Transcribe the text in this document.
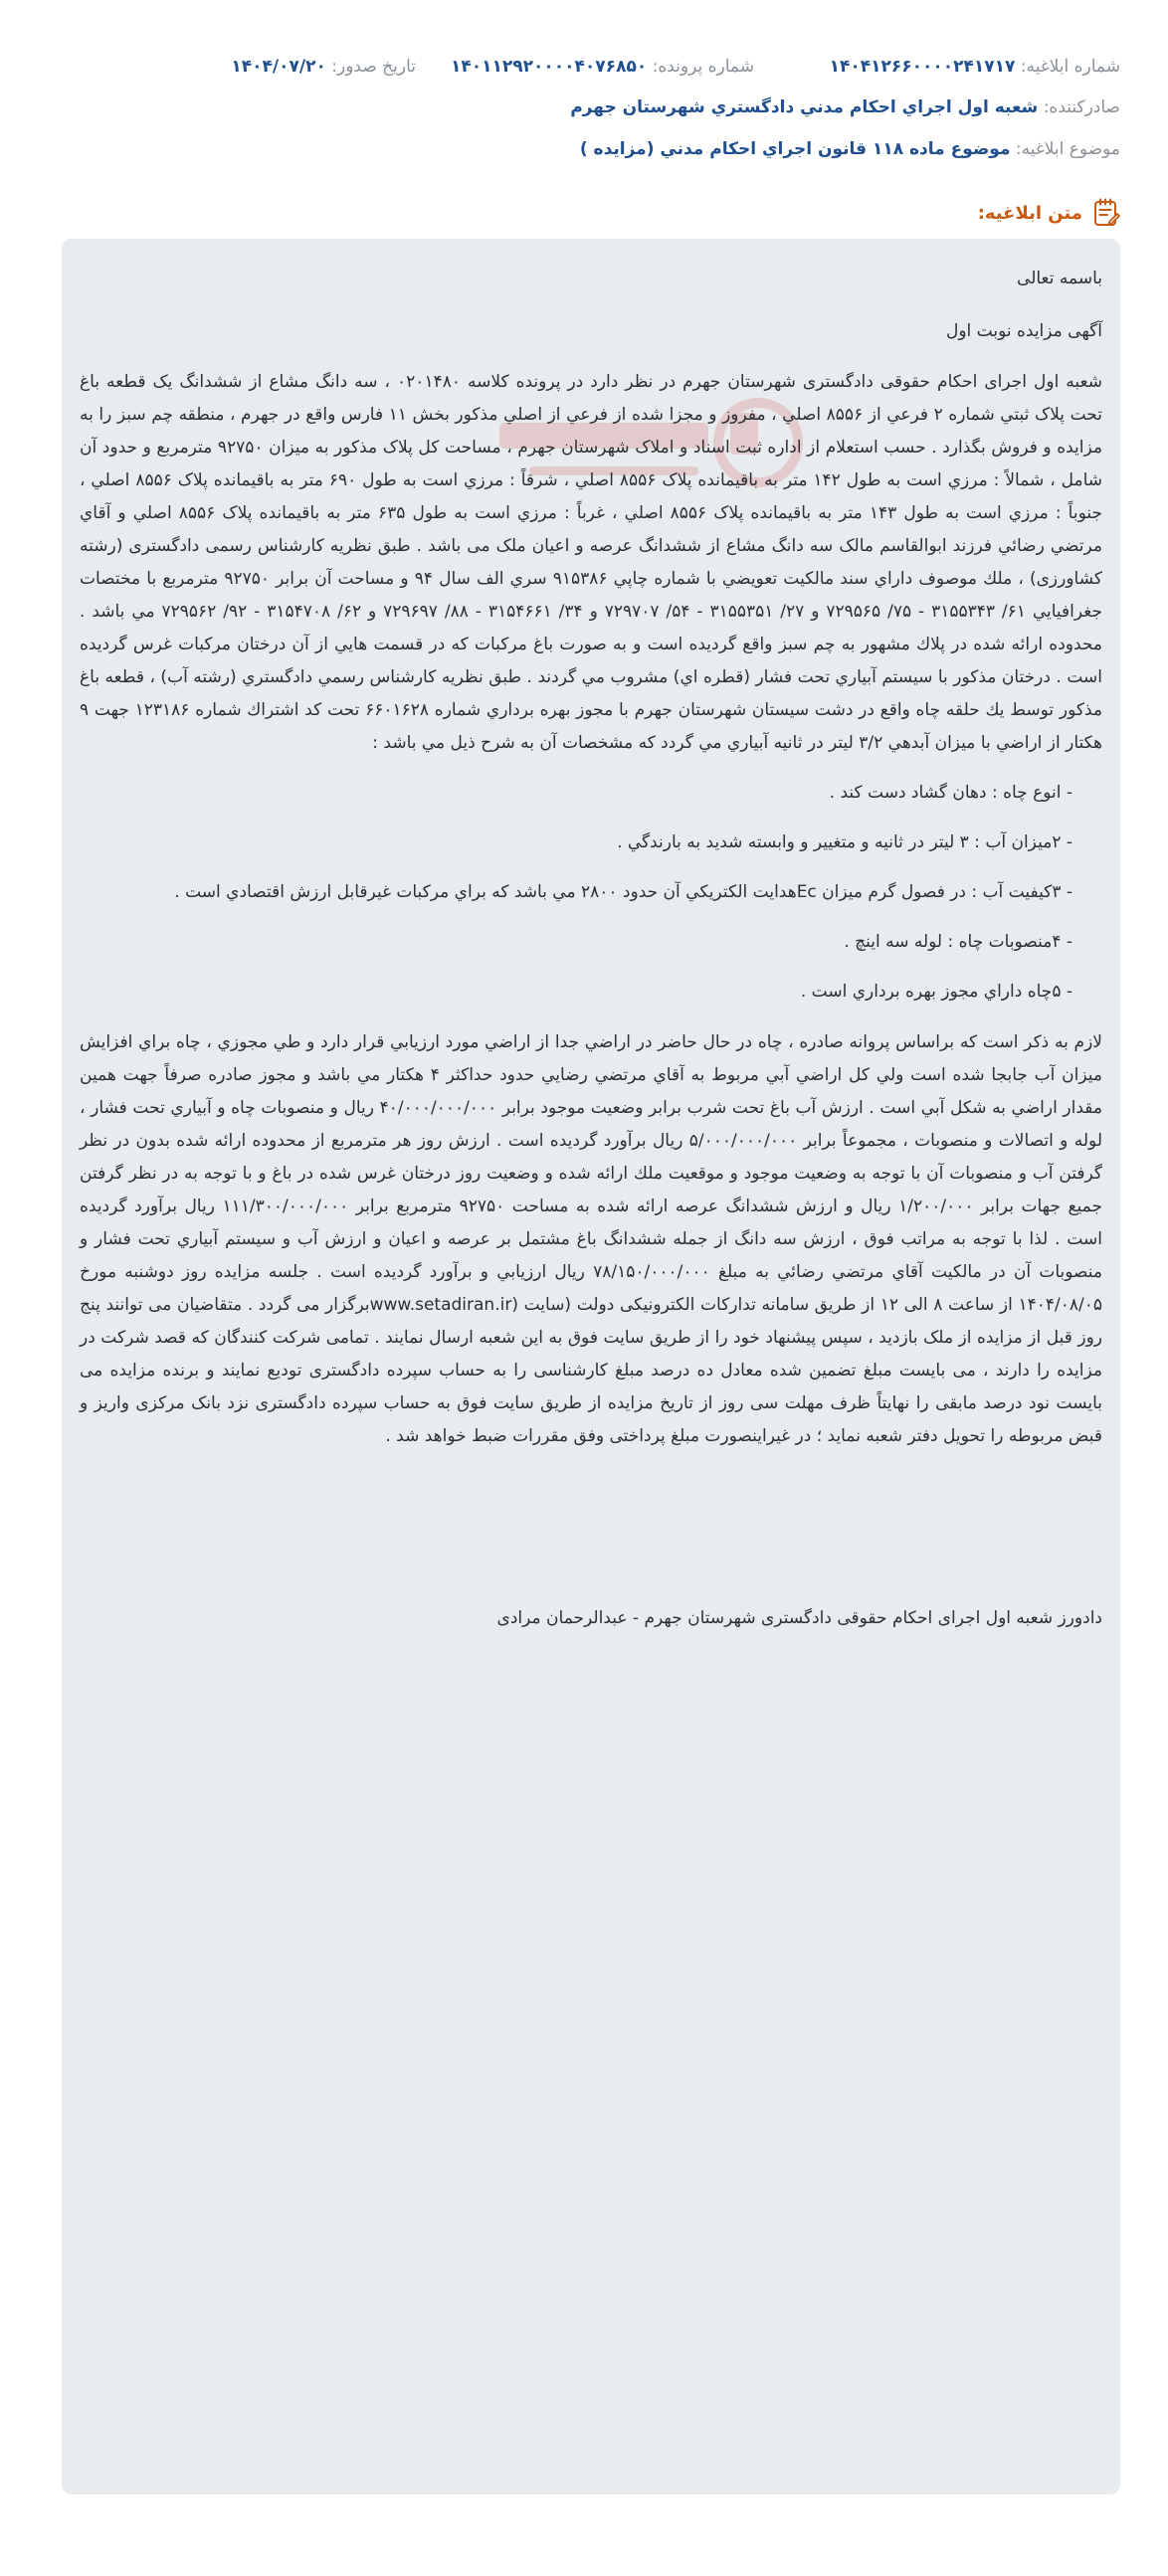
شماره ابلاغيه: ۱۴۰۴۱۲۶۶۰۰۰۰۲۴۱۷۱۷
شماره پرونده: ۱۴۰۱۱۲۹۲۰۰۰۰۴۰۷۶۸۵۰
تاریخ صدور: ۱۴۰۴/۰۷/۲۰
صادرکننده: شعبه اول اجراي احكام مدني دادگستري شهرستان جهرم
موضوع ابلاغیه: موضوع ماده ۱۱۸ قانون اجراي احكام مدني (مزايده )
متن ابلاغیه:

باسمه تعالی

آگهی مزایده نوبت اول

شعبه اول اجرای احکام حقوقی دادگستری شهرستان جهرم در نظر دارد در پرونده کلاسه ۰۲۰۱۴۸۰ ، سه دانگ مشاع از ششدانگ یک قطعه باغ تحت پلاک ثبتي شماره ۲ فرعي از ۸۵۵۶ اصلي ، مفروز و مجزا شده از فرعي از اصلي مذكور بخش ۱۱ فارس واقع در جهرم ، منطقه چم سبز را به مزايده و فروش بگذارد . حسب استعلام از اداره ثبت اسناد و املاک شهرستان جهرم ، مساحت کل پلاک مذکور به میزان ۹۲۷۵۰ مترمربع و حدود آن شامل ، شمالاً : مرزي است به طول ۱۴۲ متر به باقیمانده پلاک ۸۵۵۶ اصلي ، شرقاً : مرزي است به طول ۶۹۰ متر به باقیمانده پلاک ۸۵۵۶ اصلي ، جنوباً : مرزي است به طول ۱۴۳ متر به باقیمانده پلاک ۸۵۵۶ اصلي ، غرباً : مرزي است به طول ۶۳۵ متر به باقیمانده پلاک ۸۵۵۶ اصلي و آقاي مرتضي رضائي فرزند ابوالقاسم مالک سه دانگ مشاع از ششدانگ عرصه و اعیان ملک می باشد . طبق نظریه کارشناس رسمی دادگستری (رشته کشاورزی) ، ملك موصوف داراي سند مالکیت تعويضي با شماره چاپي ۹۱۵۳۸۶ سري الف سال ۹۴ و مساحت آن برابر ۹۲۷۵۰ مترمربع با مختصات جغرافيايي ۶۱/ ۳۱۵۵۳۴۳ - ۷۵/ ۷۲۹۵۶۵ و ۲۷/ ۳۱۵۵۳۵۱ - ۵۴/ ۷۲۹۷۰۷ و ۳۴/ ۳۱۵۴۶۶۱ - ۸۸/ ۷۲۹۶۹۷ و ۶۲/ ۳۱۵۴۷۰۸ - ۹۲/ ۷۲۹۵۶۲ مي باشد . محدوده ارائه شده در پلاك مشهور به چم سبز واقع گرديده است و به صورت باغ مركبات كه در قسمت هايي از آن درختان مركبات غرس گرديده است . درختان مذكور با سيستم آبياري تحت فشار (قطره اي) مشروب مي گردند . طبق نظريه كارشناس رسمي دادگستري (رشته آب) ، قطعه باغ مذكور توسط يك حلقه چاه واقع در دشت سيستان شهرستان جهرم با مجوز بهره برداري شماره ۶۶۰۱۶۲۸ تحت كد اشتراك شماره ۱۲۳۱۸۶ جهت ۹ هكتار از اراضي با ميزان آبدهي ۳/۲ ليتر در ثانيه آبياري مي گردد كه مشخصات آن به شرح ذيل مي باشد :

- انوع چاه : دهان گشاد دست کند .

- ۲میزان آب : ۳ لیتر در ثانیه و متغییر و وابسته شدید به بارندگي .

- ۳کیفیت آب : در فصول گرم ميزان Ecهدايت الكتريكي آن حدود ۲۸۰۰ مي باشد كه براي مركبات غيرقابل ارزش اقتصادي است .

- ۴منصوبات چاه : لوله سه اینچ .

- ۵چاه داراي مجوز بهره برداري است .

لازم به ذكر است كه براساس پروانه صادره ، چاه در حال حاضر در اراضي جدا از اراضي مورد ارزيابي قرار دارد و طي مجوزي ، چاه براي افزايش ميزان آب جابجا شده است ولي كل اراضي آبي مربوط به آقاي مرتضي رضايي حدود حداكثر ۴ هكتار مي باشد و مجوز صادره صرفاً جهت همين مقدار اراضي به شكل آبي است . ارزش آب باغ تحت شرب برابر وضعيت موجود برابر ۴۰/۰۰۰/۰۰۰/۰۰۰ ريال و منصوبات چاه و آبياري تحت فشار ، لوله و اتصالات و منصوبات ، مجموعاً برابر ۵/۰۰۰/۰۰۰/۰۰۰ ريال برآورد گرديده است . ارزش روز هر مترمربع از محدوده ارائه شده بدون در نظر گرفتن آب و منصوبات آن با توجه به وضعيت موجود و موقعيت ملك ارائه شده و وضعيت روز درختان غرس شده در باغ و با توجه به در نظر گرفتن جميع جهات برابر ۱/۲۰۰/۰۰۰ ريال و ارزش ششدانگ عرصه ارائه شده به مساحت ۹۲۷۵۰ مترمربع برابر ۱۱۱/۳۰۰/۰۰۰/۰۰۰ ريال برآورد گرديده است . لذا با توجه به مراتب فوق ، ارزش سه دانگ از جمله ششدانگ باغ مشتمل بر عرصه و اعيان و ارزش آب و سيستم آبياري تحت فشار و منصوبات آن در مالكيت آقاي مرتضي رضائي به مبلغ ۷۸/۱۵۰/۰۰۰/۰۰۰ ريال ارزيابي و برآورد گرديده است . جلسه مزایده روز دوشنبه مورخ ۱۴۰۴/۰۸/۰۵ از ساعت ۸ الی ۱۲ از طریق سامانه تدارکات الکترونیکی دولت (سایت (www.setadiran.irبرگزار می گردد . متقاضیان می توانند پنج روز قبل از مزایده از ملک بازدید ، سپس پیشنهاد خود را از طریق سایت فوق به این شعبه ارسال نمایند . تمامی شرکت کنندگان که قصد شرکت در مزایده را دارند ، می بایست مبلغ تضمین شده معادل ده درصد مبلغ کارشناسی را به حساب سپرده دادگستری تودیع نمایند و برنده مزایده می بایست نود درصد مابقی را نهایتاً ظرف مهلت سی روز از تاریخ مزایده از طریق سایت فوق به حساب سپرده دادگستری نزد بانک مرکزی واریز و قبض مربوطه را تحویل دفتر شعبه نماید ؛ در غیراینصورت مبلغ پرداختی وفق مقررات ضبط خواهد شد .

دادورز شعبه اول اجرای احکام حقوقی دادگستری شهرستان جهرم - عبدالرحمان مرادی
